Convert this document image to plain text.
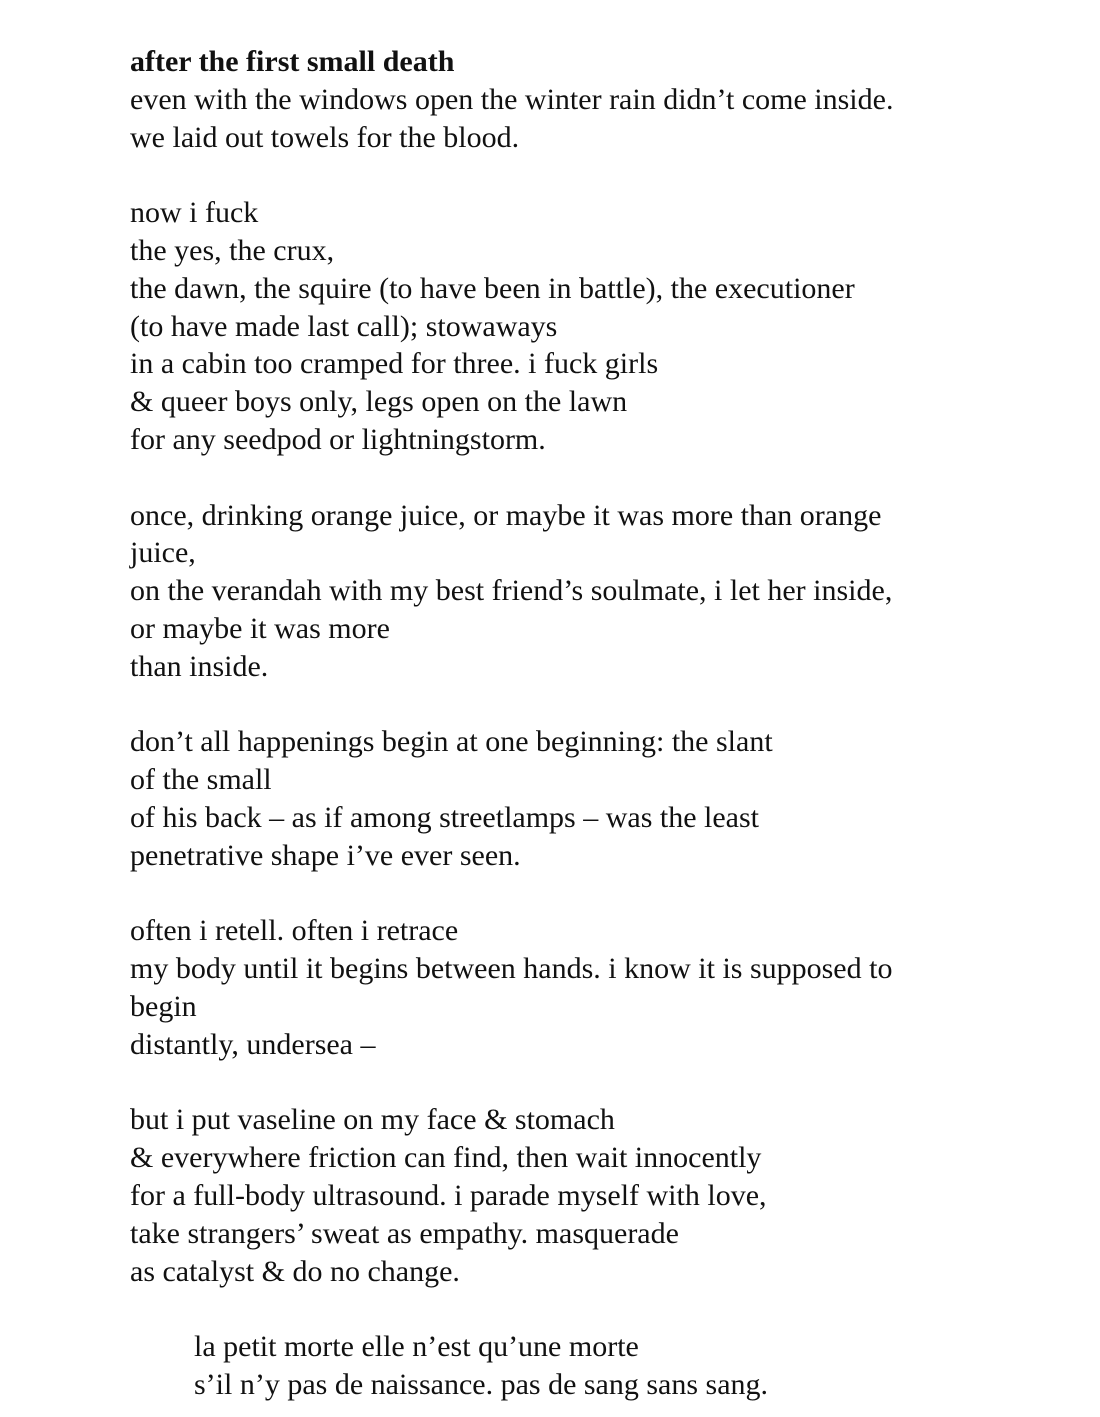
after the first small death

even with the windows open the winter rain didn’t come inside.

we laid out towels for the blood.

now i fuck

the yes, the crux,

the dawn, the squire (to have been in battle), the executioner

(to have made last call); stowaways

in a cabin too cramped for three. i fuck girls

& queer boys only, legs open on the lawn

for any seedpod or lightningstorm.

once, drinking orange juice, or maybe it was more than orange

juice,

on the verandah with my best friend’s soulmate, i let her inside,

or maybe it was more

than inside.

don’t all happenings begin at one beginning: the slant

of the small

of his back – as if among streetlamps – was the least

penetrative shape i’ve ever seen.

often i retell. often i retrace

my body until it begins between hands. i know it is supposed to

begin

distantly, undersea –

but i put vaseline on my face & stomach

& everywhere friction can find, then wait innocently

for a full-body ultrasound. i parade myself with love,

take strangers’ sweat as empathy. masquerade

as catalyst & do no change.

la petit morte elle n’est qu’une morte

s’il n’y pas de naissance. pas de sang sans sang.
